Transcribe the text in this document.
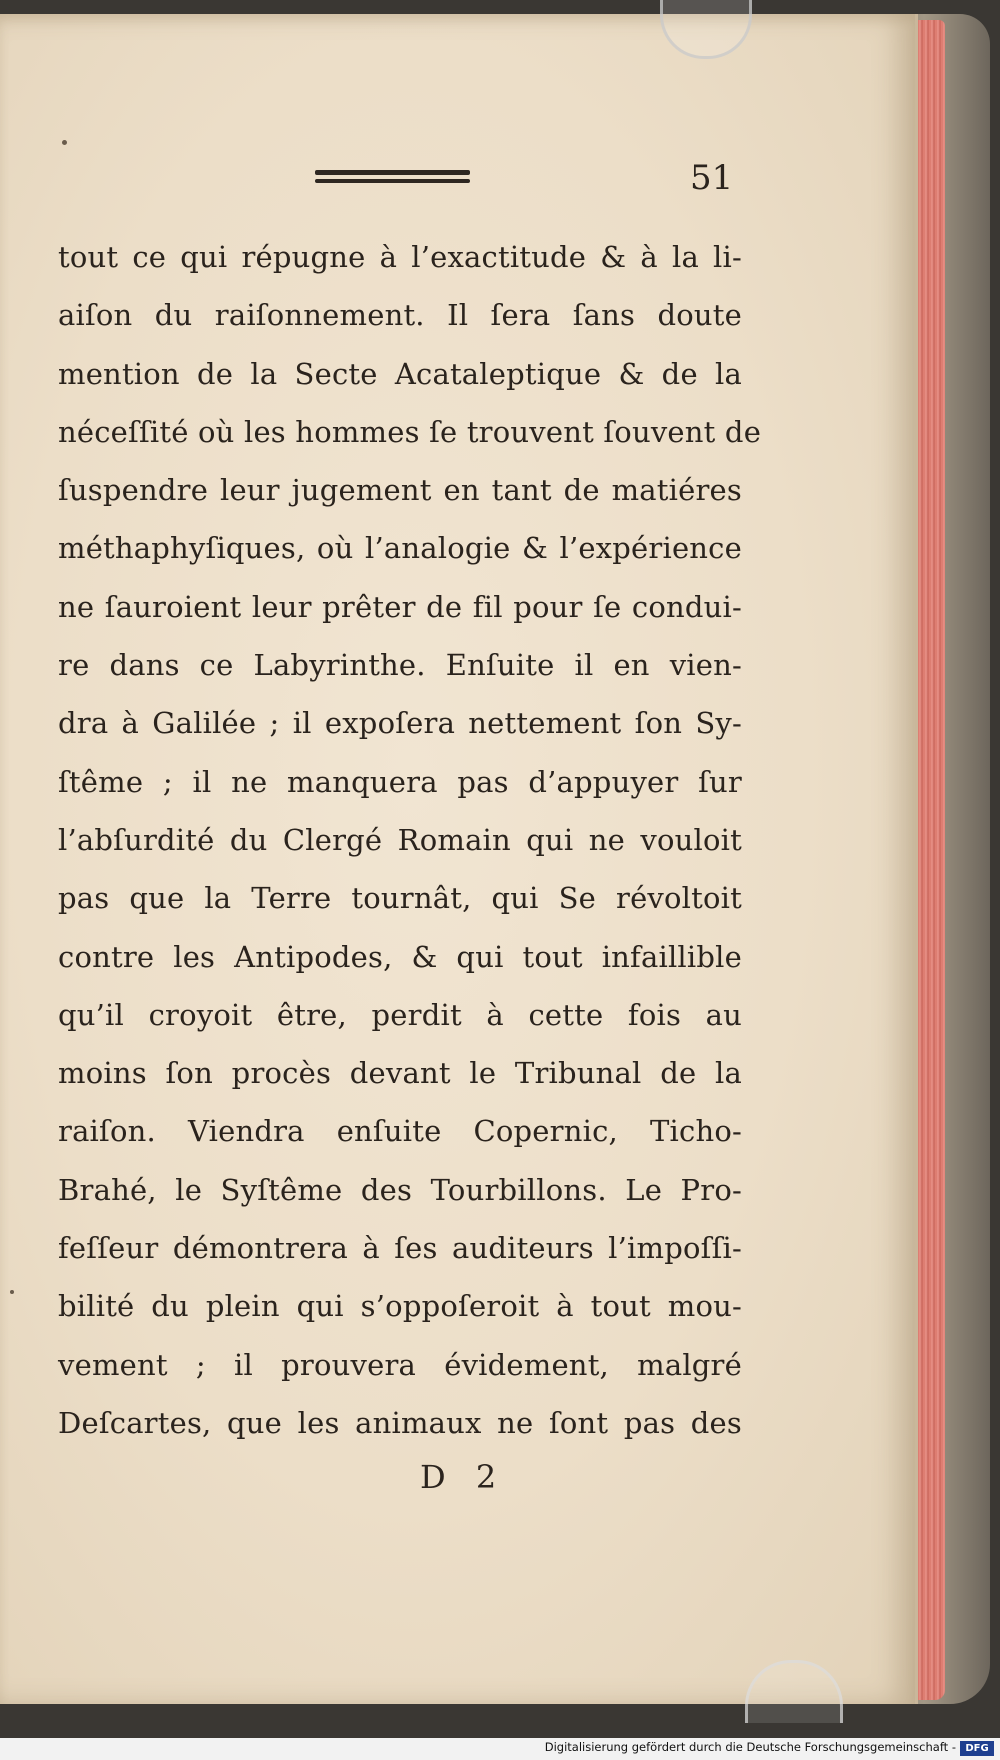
51
tout ce qui répugne à l’exactitude & à la li-
aiſon du raiſonnement. Il ſera ſans doute
mention de la Secte Acataleptique & de la
néceſſité où les hommes ſe trouvent ſouvent de
ſuspendre leur jugement en tant de matiéres
méthaphyſiques, où l’analogie & l’expérience
ne ſauroient leur prêter de fil pour ſe condui-
re dans ce Labyrinthe. Enſuite il en vien-
dra à Galilée ; il expoſera nettement ſon Sy-
ſtême ; il ne manquera pas d’appuyer ſur
l’abſurdité du Clergé Romain qui ne vouloit
pas que la Terre tournât, qui Se révoltoit
contre les Antipodes, & qui tout infaillible
qu’il croyoit être, perdit à cette fois au
moins ſon procès devant le Tribunal de la
raiſon. Viendra enſuite Copernic, Ticho-
Brahé, le Syſtême des Tourbillons. Le Pro-
feſſeur démontrera à ſes auditeurs l’impoſſi-
bilité du plein qui s’oppoſeroit à tout mou-
vement ; il prouvera évidement, malgré
Deſcartes, que les animaux ne ſont pas des
D 2
Digitalisierung gefördert durch die Deutsche Forschungsgemeinschaft - DFG
